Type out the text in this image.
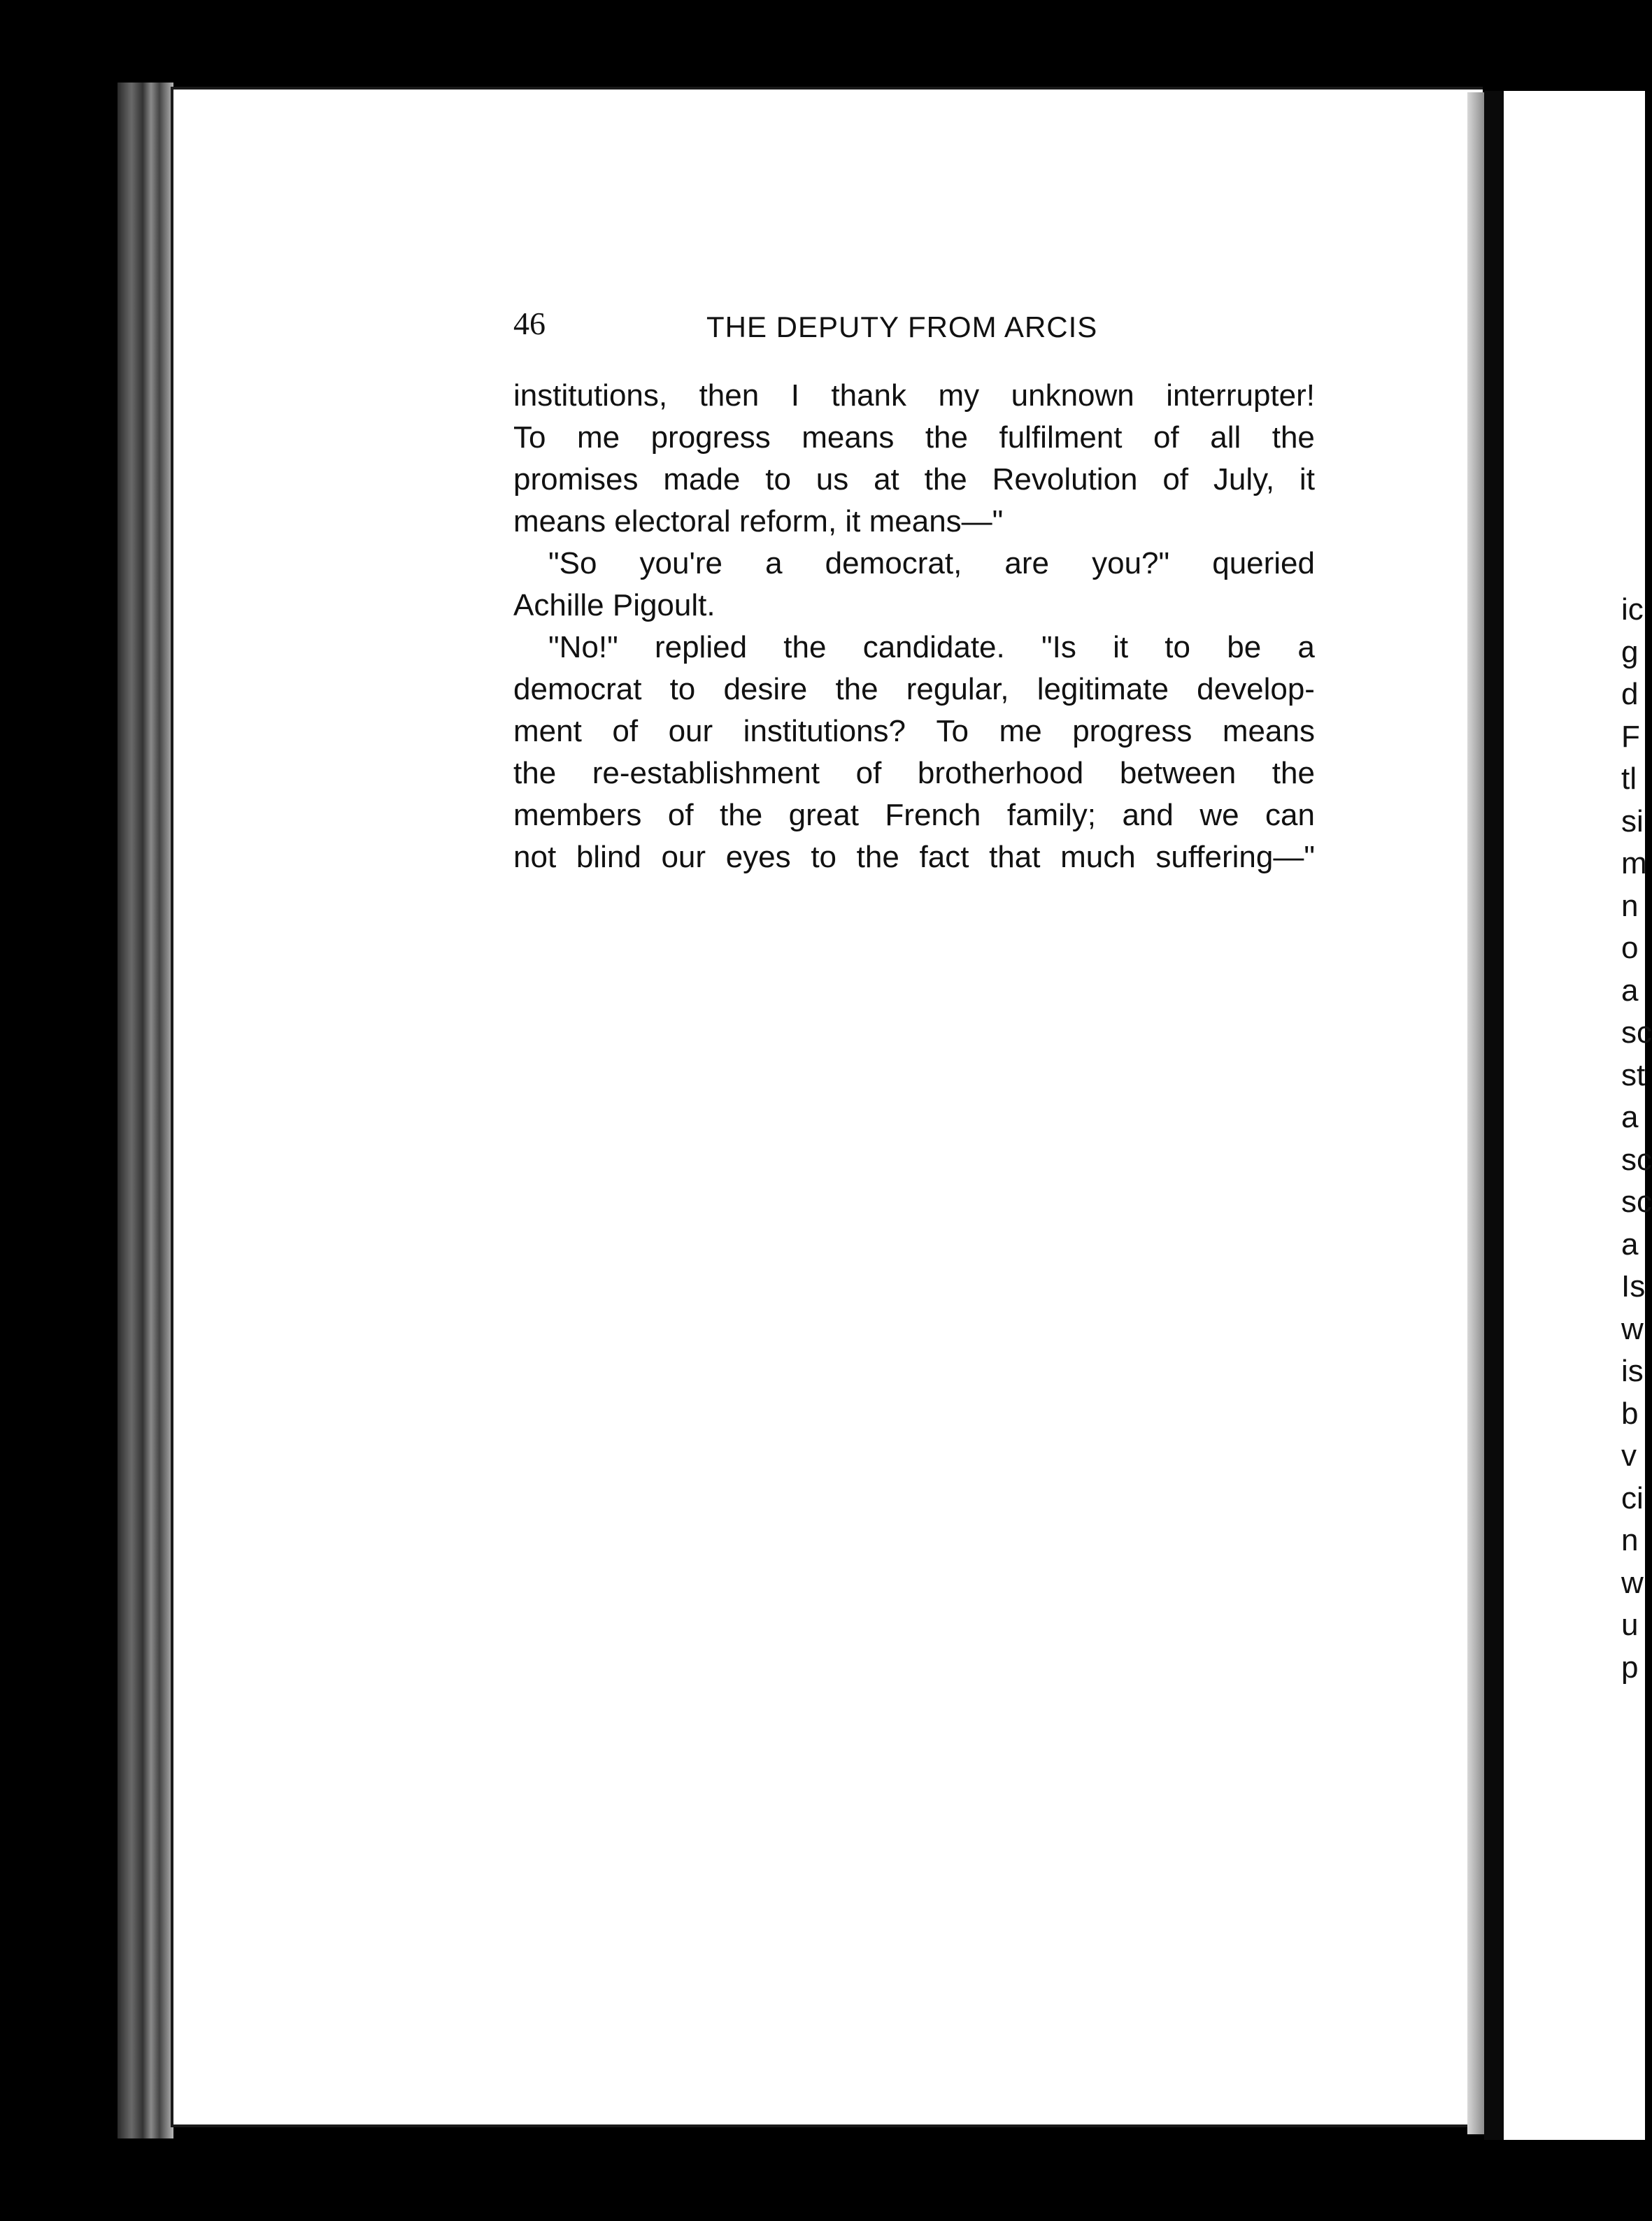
46	THE DEPUTY FROM ARCIS
institutions, then I thank my unknown interrupter!
To me progress means the fulfilment of all the
promises made to us at the Revolution of July, it
means electoral reform, it means—"
"So you're a democrat, are you?" queried
Achille Pigoult.
"No!" replied the candidate. "Is it to be a
democrat to desire the regular, legitimate develop-
ment of our institutions? To me progress means
the re-establishment of brotherhood between the
members of the great French family; and we can
not blind our eyes to the fact that much suffering—"
ic
g
d
F
tl
si
m
n
o
a
sc
st
a
sc
sc
a
Is
w
is
b
v
ci
n
w
u
p
